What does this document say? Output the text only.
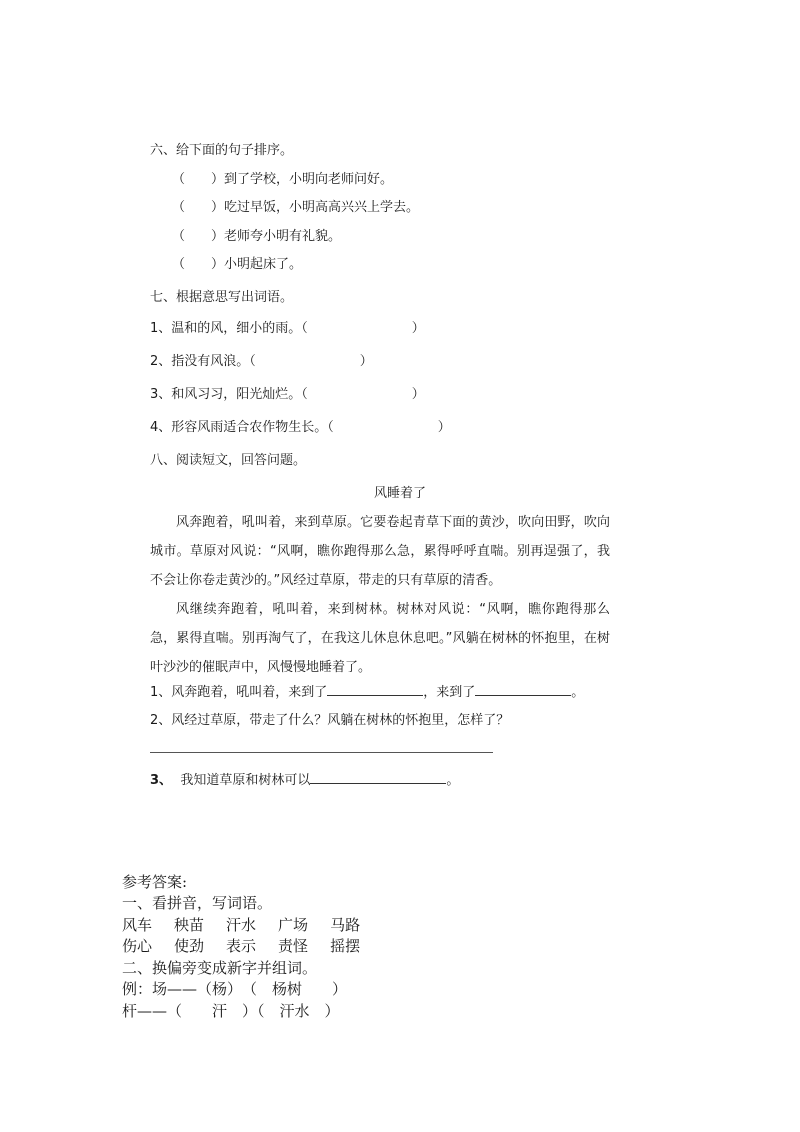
六、给下面的句子排序。
（　　）到了学校，小明向老师问好。
（　　）吃过早饭，小明高高兴兴上学去。
（　　）老师夸小明有礼貌。
（　　）小明起床了。
七、根据意思写出词语。
1、温和的风，细小的雨。（　　　　　　　　）
2、指没有风浪。（　　　　　　　　）
3、和风习习，阳光灿烂。（　　　　　　　　）
4、形容风雨适合农作物生长。（　　　　　　　　）
八、阅读短文，回答问题。
风睡着了
风奔跑着，吼叫着，来到草原。它要卷起青草下面的黄沙，吹向田野，吹向城市。草原对风说：“风啊，瞧你跑得那么急，累得呼呼直喘。别再逞强了，我不会让你卷走黄沙的。”风经过草原，带走的只有草原的清香。
风继续奔跑着，吼叫着，来到树林。树林对风说：“风啊，瞧你跑得那么急，累得直喘。别再淘气了，在我这儿休息休息吧。”风躺在树林的怀抱里，在树叶沙沙的催眠声中，风慢慢地睡着了。
1、风奔跑着，吼叫着，来到了	，来到了	。
2、风经过草原，带走了什么？风躺在树林的怀抱里，怎样了？
3、 我知道草原和树林可以	。
参考答案:
一、看拼音，写词语。
风车 秧苗 汗水 广场 马路
伤心 使劲 表示 责怪 摇摆
二、换偏旁变成新字并组词。
例：场——（杨）　（　杨树　　）
杆——（　　汗　）（　汗水　）
